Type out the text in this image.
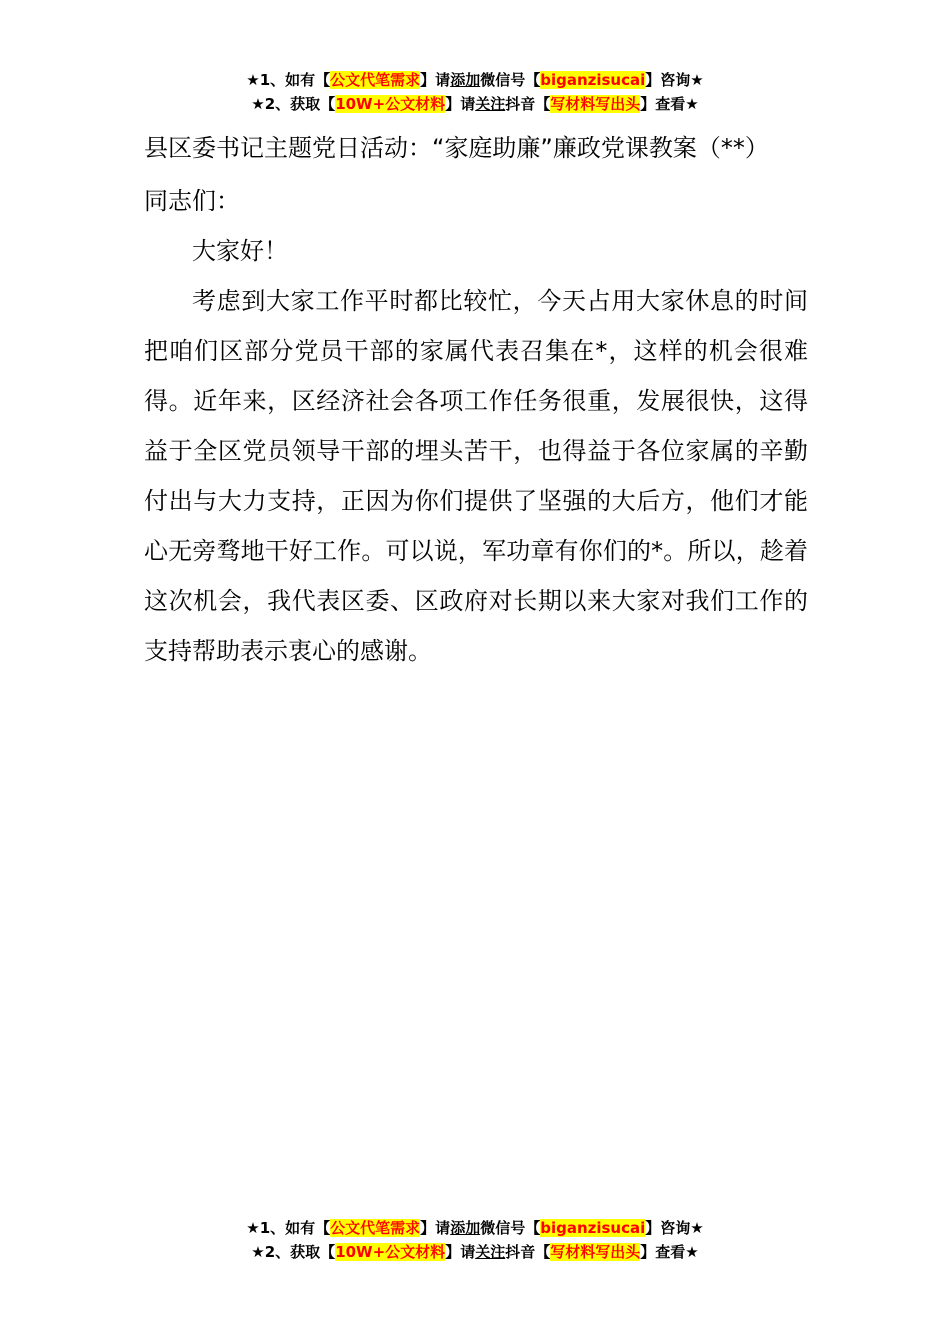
★1、如有【公文代笔需求】请添加微信号【biganzisucai】咨询★
★2、获取【10W+公文材料】请关注抖音【写材料写出头】查看★
县区委书记主题党日活动：“家庭助廉”廉政党课教案（**）

同志们：

大家好！

考虑到大家工作平时都比较忙，今天占用大家休息的时间把咱们区部分党员干部的家属代表召集在*，这样的机会很难得。近年来，区经济社会各项工作任务很重，发展很快，这得益于全区党员领导干部的埋头苦干，也得益于各位家属的辛勤付出与大力支持，正因为你们提供了坚强的大后方，他们才能心无旁骛地干好工作。可以说，军功章有你们的*。所以，趁着这次机会，我代表区委、区政府对长期以来大家对我们工作的支持帮助表示衷心的感谢。

★1、如有【公文代笔需求】请添加微信号【biganzisucai】咨询★
★2、获取【10W+公文材料】请关注抖音【写材料写出头】查看★
